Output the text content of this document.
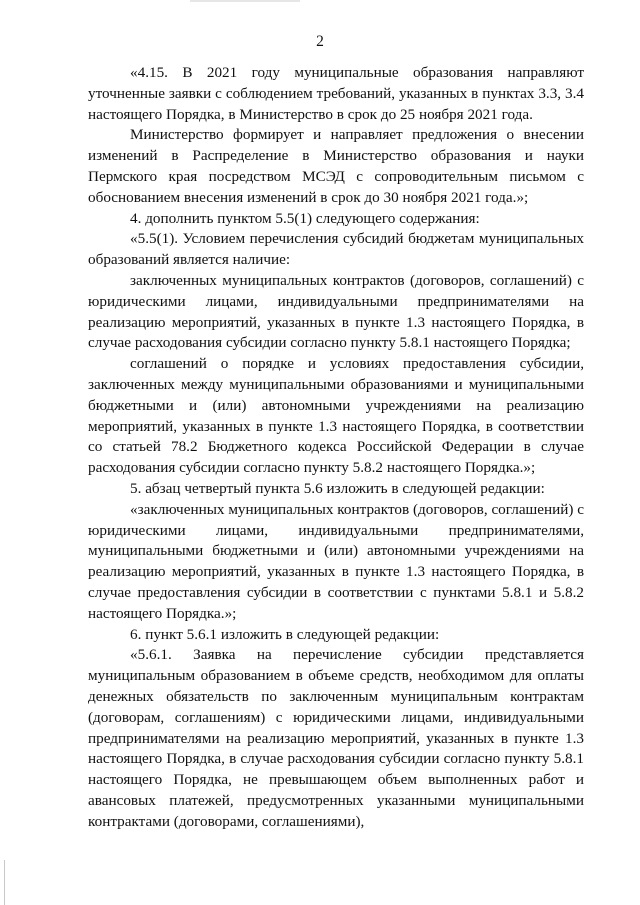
2

«4.15. В 2021 году муниципальные образования направляют уточненные заявки с соблюдением требований, указанных в пунктах 3.3, 3.4 настоящего Порядка, в Министерство в срок до 25 ноября 2021 года.

Министерство формирует и направляет предложения о внесении изменений в Распределение в Министерство образования и науки Пермского края посредством МСЭД с сопроводительным письмом с обоснованием внесения изменений в срок до 30 ноября 2021 года.»;

4. дополнить пунктом 5.5(1) следующего содержания:

«5.5(1). Условием перечисления субсидий бюджетам муниципальных образований является наличие:

заключенных муниципальных контрактов (договоров, соглашений) с юридическими лицами, индивидуальными предпринимателями на реализацию мероприятий, указанных в пункте 1.3 настоящего Порядка, в случае расходования субсидии согласно пункту 5.8.1 настоящего Порядка;

соглашений о порядке и условиях предоставления субсидии, заключенных между муниципальными образованиями и муниципальными бюджетными и (или) автономными учреждениями на реализацию мероприятий, указанных в пункте 1.3 настоящего Порядка, в соответствии со статьей 78.2 Бюджетного кодекса Российской Федерации в случае расходования субсидии согласно пункту 5.8.2 настоящего Порядка.»;

5. абзац четвертый пункта 5.6 изложить в следующей редакции:

«заключенных муниципальных контрактов (договоров, соглашений) с юридическими лицами, индивидуальными предпринимателями, муниципальными бюджетными и (или) автономными учреждениями на реализацию мероприятий, указанных в пункте 1.3 настоящего Порядка, в случае предоставления субсидии в соответствии с пунктами 5.8.1 и 5.8.2 настоящего Порядка.»;

6. пункт 5.6.1 изложить в следующей редакции:

«5.6.1. Заявка на перечисление субсидии представляется муниципальным образованием в объеме средств, необходимом для оплаты денежных обязательств по заключенным муниципальным контрактам (договорам, соглашениям) с юридическими лицами, индивидуальными предпринимателями на реализацию мероприятий, указанных в пункте 1.3 настоящего Порядка, в случае расходования субсидии согласно пункту 5.8.1 настоящего Порядка, не превышающем объем выполненных работ и авансовых платежей, предусмотренных указанными муниципальными контрактами (договорами, соглашениями),
